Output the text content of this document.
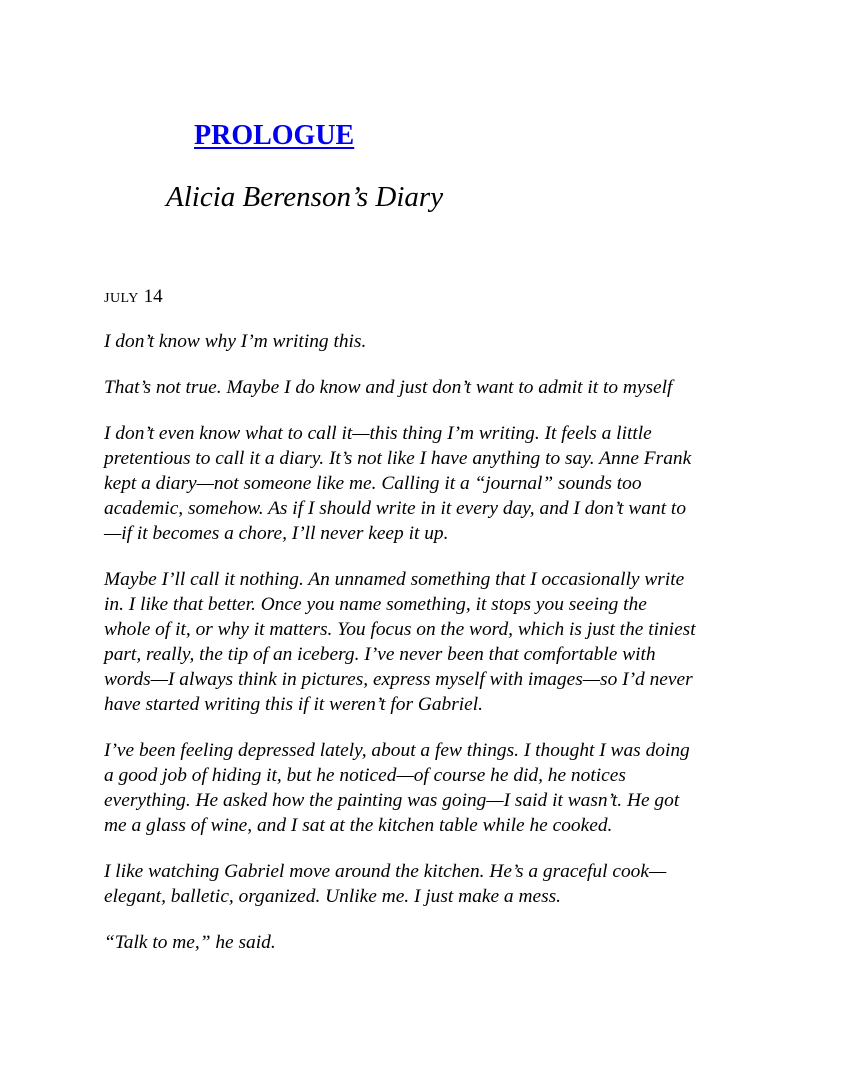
PROLOGUE
Alicia Berenson’s Diary

JULY 14

I don’t know why I’m writing this.

That’s not true. Maybe I do know and just don’t want to admit it to myself

I don’t even know what to call it—this thing I’m writing. It feels a little
pretentious to call it a diary. It’s not like I have anything to say. Anne Frank
kept a diary—not someone like me. Calling it a “journal” sounds too
academic, somehow. As if I should write in it every day, and I don’t want to
—if it becomes a chore, I’ll never keep it up.

Maybe I’ll call it nothing. An unnamed something that I occasionally write
in. I like that better. Once you name something, it stops you seeing the
whole of it, or why it matters. You focus on the word, which is just the tiniest
part, really, the tip of an iceberg. I’ve never been that comfortable with
words—I always think in pictures, express myself with images—so I’d never
have started writing this if it weren’t for Gabriel.

I’ve been feeling depressed lately, about a few things. I thought I was doing
a good job of hiding it, but he noticed—of course he did, he notices
everything. He asked how the painting was going—I said it wasn’t. He got
me a glass of wine, and I sat at the kitchen table while he cooked.

I like watching Gabriel move around the kitchen. He’s a graceful cook—
elegant, balletic, organized. Unlike me. I just make a mess.

“Talk to me,” he said.
